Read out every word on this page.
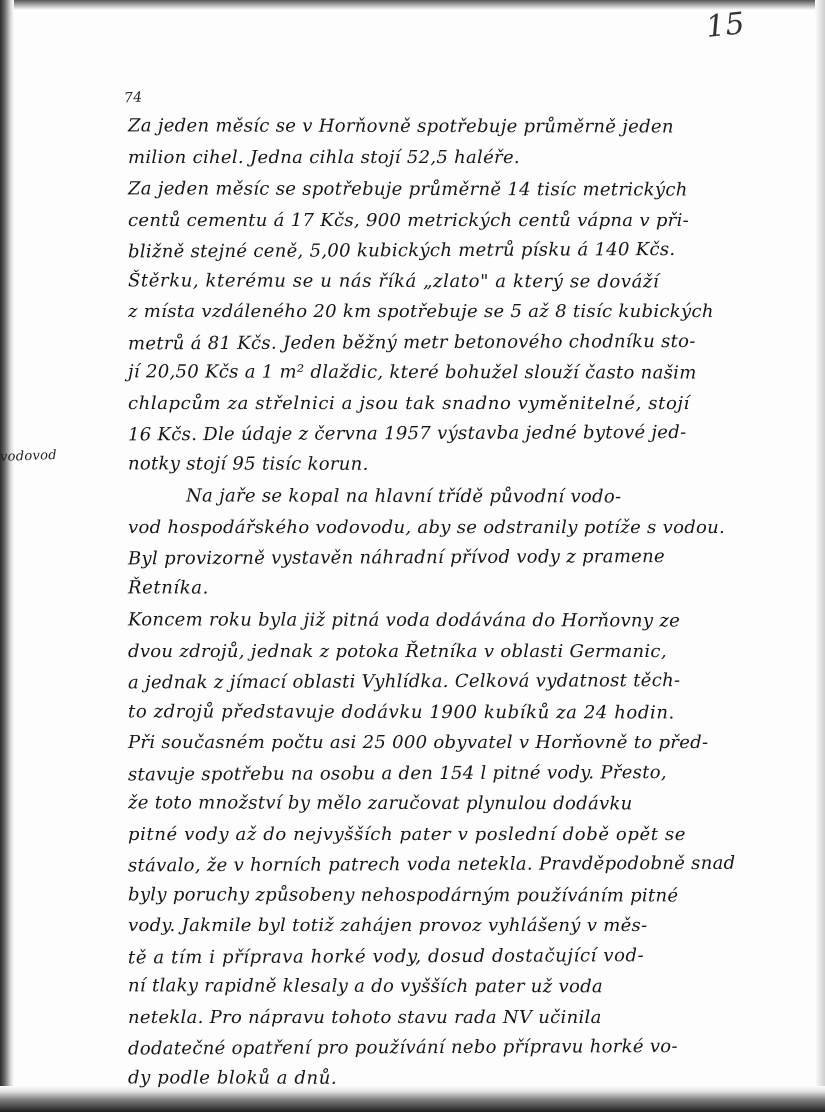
15
74
vodovod
Za jeden měsíc se v Horňovně spotřebuje průměrně jeden
milion cihel. Jedna cihla stojí 52,5 haléře.
Za jeden měsíc se spotřebuje průměrně 14 tisíc metrických
centů cementu á 17 Kčs, 900 metrických centů vápna v při-
bližně stejné ceně, 5,00 kubických metrů písku á 140 Kčs.
Štěrku, kterému se u nás říká „zlato" a který se dováží
z místa vzdáleného 20 km spotřebuje se 5 až 8 tisíc kubických
metrů á 81 Kčs. Jeden běžný metr betonového chodníku sto-
jí 20,50 Kčs a 1 m² dlaždic, které bohužel slouží často našim
chlapcům za střelnici a jsou tak snadno vyměnitelné, stojí
16 Kčs. Dle údaje z června 1957 výstavba jedné bytové jed-
notky stojí 95 tisíc korun.
Na jaře se kopal na hlavní třídě původní vodo-
vod hospodářského vodovodu, aby se odstranily potíže s vodou.
Byl provizorně vystavěn náhradní přívod vody z pramene
Řetníka.
Koncem roku byla již pitná voda dodávána do Horňovny ze
dvou zdrojů, jednak z potoka Řetníka v oblasti Germanic,
a jednak z jímací oblasti Vyhlídka. Celková vydatnost těch-
to zdrojů představuje dodávku 1900 kubíků za 24 hodin.
Při současném počtu asi 25 000 obyvatel v Horňovně to před-
stavuje spotřebu na osobu a den 154 l pitné vody. Přesto,
že toto množství by mělo zaručovat plynulou dodávku
pitné vody až do nejvyšších pater v poslední době opět se
stávalo, že v horních patrech voda netekla. Pravděpodobně snad
byly poruchy způsobeny nehospodárným používáním pitné
vody. Jakmile byl totiž zahájen provoz vyhlášený v měs-
tě a tím i příprava horké vody, dosud dostačující vod-
ní tlaky rapidně klesaly a do vyšších pater už voda
netekla. Pro nápravu tohoto stavu rada NV učinila
dodatečné opatření pro používání nebo přípravu horké vo-
dy podle bloků a dnů.
